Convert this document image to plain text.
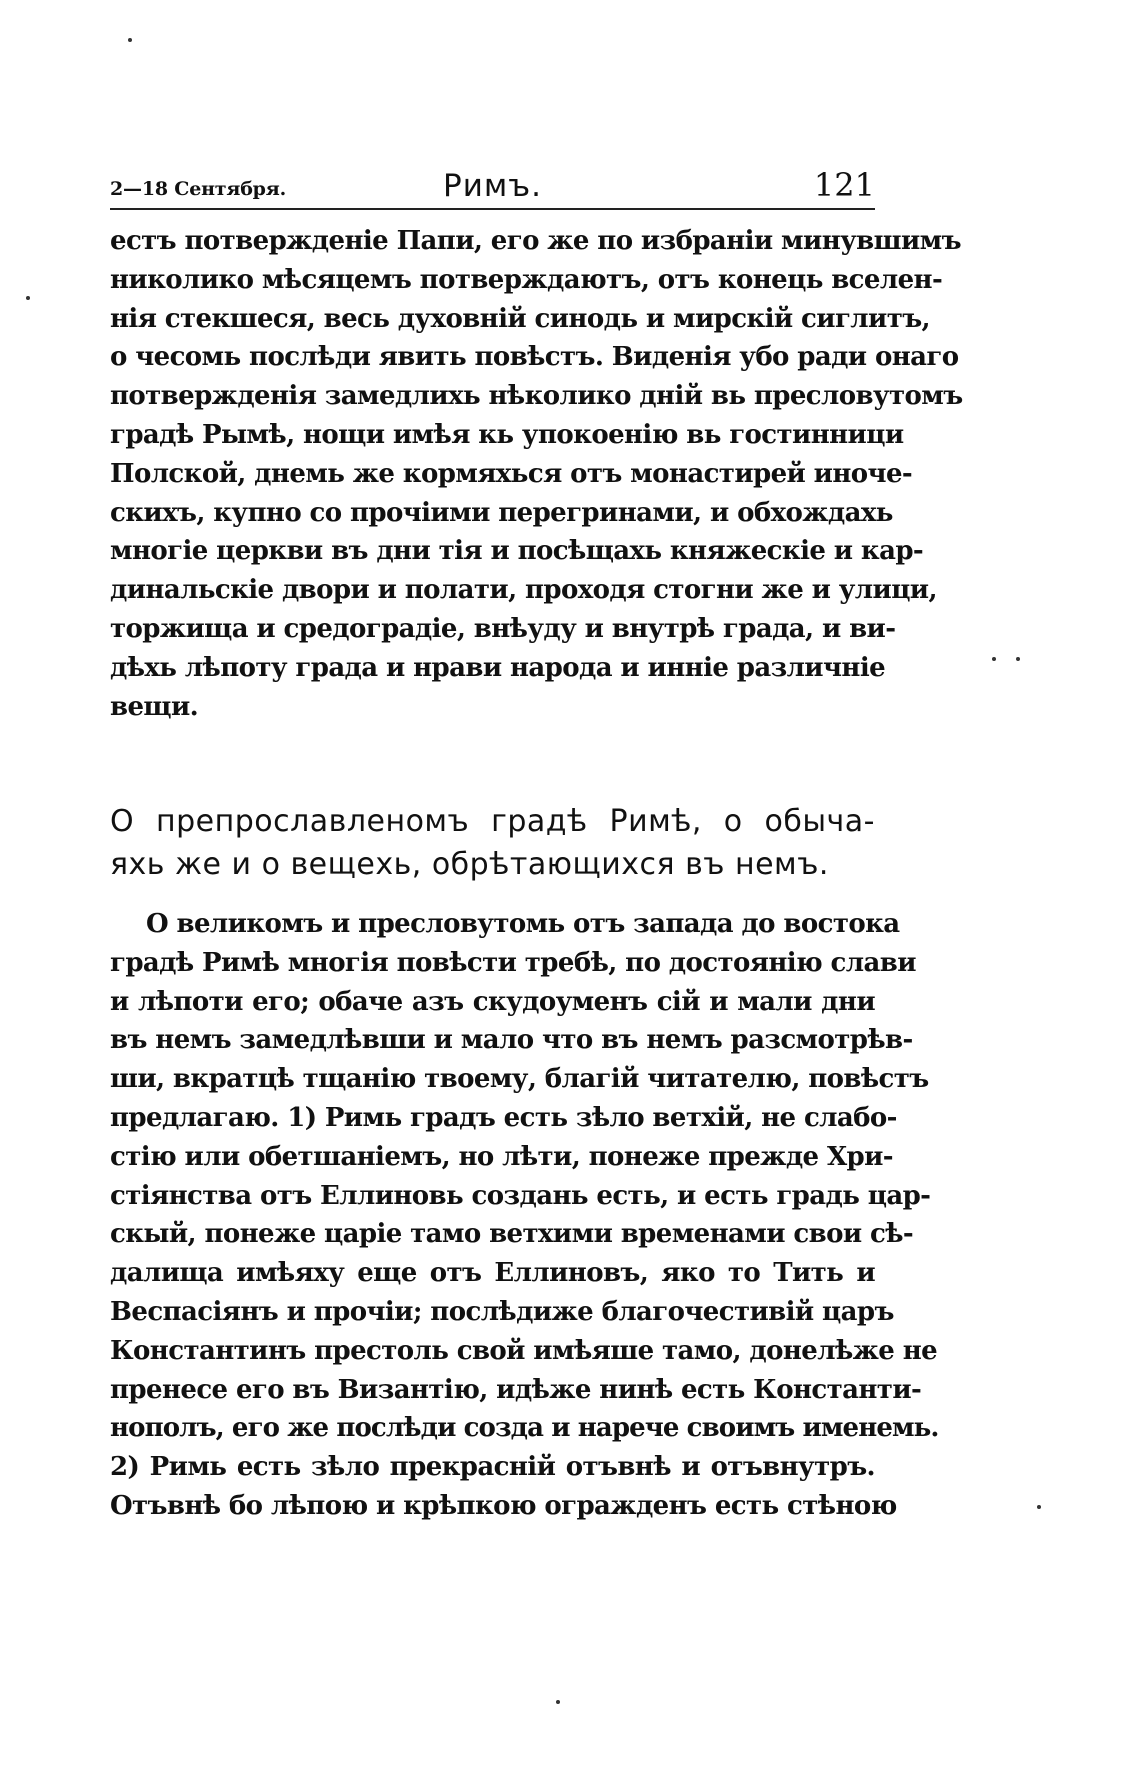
2—18 Сентября.	Римъ.	121
естъ потвержденіе Папи, его же по избраніи минувшимъ
николико мѣсяцемъ потверждаютъ, отъ конець вселен-
нія стекшеся, весь духовній синодь и мирскій сиглитъ,
о чесомь послѣди явить повѣстъ. Виденія убо ради онаго
потвержденія замедлихь нѣколико дній вь пресловутомъ
градѣ Рымѣ, нощи имѣя кь упокоенію вь гостинници
Полской, днемь же кормяхься отъ монастирей иноче-
скихъ, купно со прочіими перегринами, и обхождахь
многіе церкви въ дни тія и посѣщахь княжескіе и кар-
динальскіе двори и полати, проходя стогни же и улици,
торжища и средоградіе, внѣуду и внутрѣ града, и ви-
дѣхь лѣпоту града и нрави народа и инніе различніе
вещи.
О препрославленомъ градѣ Римѣ, о обыча-
яхь же и о вещехь, обрѣтающихся въ немъ.
О великомъ и пресловутомь отъ запада до востока
градѣ Римѣ многія повѣсти требѣ, по достоянію слави
и лѣпоти его; обаче азъ скудоуменъ сій и мали дни
въ немъ замедлѣвши и мало что въ немъ разсмотрѣв-
ши, вкратцѣ тщанію твоему, благій читателю, повѣстъ
предлагаю. 1) Римь градъ есть зѣло ветхій, не слабо-
стію или обетшаніемъ, но лѣти, понеже прежде Хри-
стіянства отъ Еллиновь создань есть, и есть градь цар-
скый, понеже царіе тамо ветхими временами свои сѣ-
далища имѣяху еще отъ Еллиновъ, яко то Тить и
Веспасіянъ и прочіи; послѣдиже благочестивій царъ
Константинъ престоль свой имѣяше тамо, донелѣже не
пренесе его въ Византію, идѣже нинѣ есть Константи-
нополъ, его же послѣди созда и нарече своимъ именемь.
2) Римь есть зѣло прекрасній отъвнѣ и отъвнутръ.
Отъвнѣ бо лѣпою и крѣпкою огражденъ есть стѣною
